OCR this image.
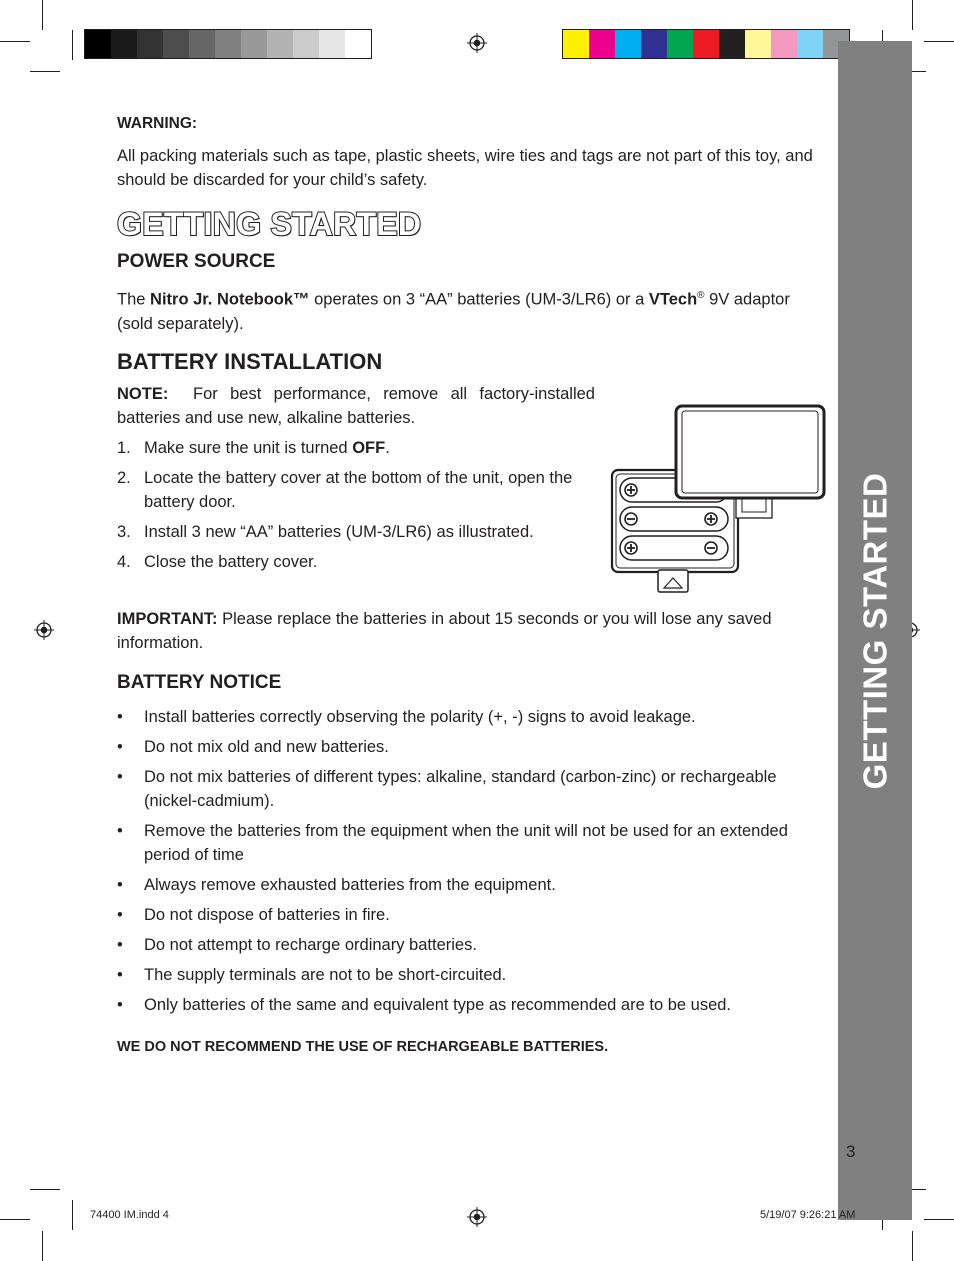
GETTING STARTED
3

WARNING:

All packing materials such as tape, plastic sheets, wire ties and tags are not part of this toy, and should be discarded for your child’s safety.

GETTING STARTED
POWER SOURCE

The Nitro Jr. Notebook™ operates on 3 “AA” batteries (UM-3/LR6) or a VTech® 9V adaptor (sold separately).

BATTERY INSTALLATION

NOTE:  For best performance, remove all factory-installed batteries and use new, alkaline batteries.

1. Make sure the unit is turned OFF.
2. Locate the battery cover at the bottom of the unit, open the battery door.
3. Install 3 new “AA” batteries (UM-3/LR6) as illustrated.
4. Close the battery cover.

IMPORTANT: Please replace the batteries in about 15 seconds or you will lose any saved information.

BATTERY NOTICE
•	Install batteries correctly observing the polarity (+, -) signs to avoid leakage.
•	Do not mix old and new batteries.
•	Do not mix batteries of different types: alkaline, standard (carbon-zinc) or rechargeable (nickel-cadmium).
•	Remove the batteries from the equipment when the unit will not be used for an extended period of time
•	Always remove exhausted batteries from the equipment.
•	Do not dispose of batteries in fire.
•	Do not attempt to recharge ordinary batteries.
•	The supply terminals are not to be short-circuited.
•	Only batteries of the same and equivalent type as recommended are to be used.
WE DO NOT RECOMMEND THE USE OF RECHARGEABLE BATTERIES.
74400 IM.indd 4	5/19/07 9:26:21 AM
